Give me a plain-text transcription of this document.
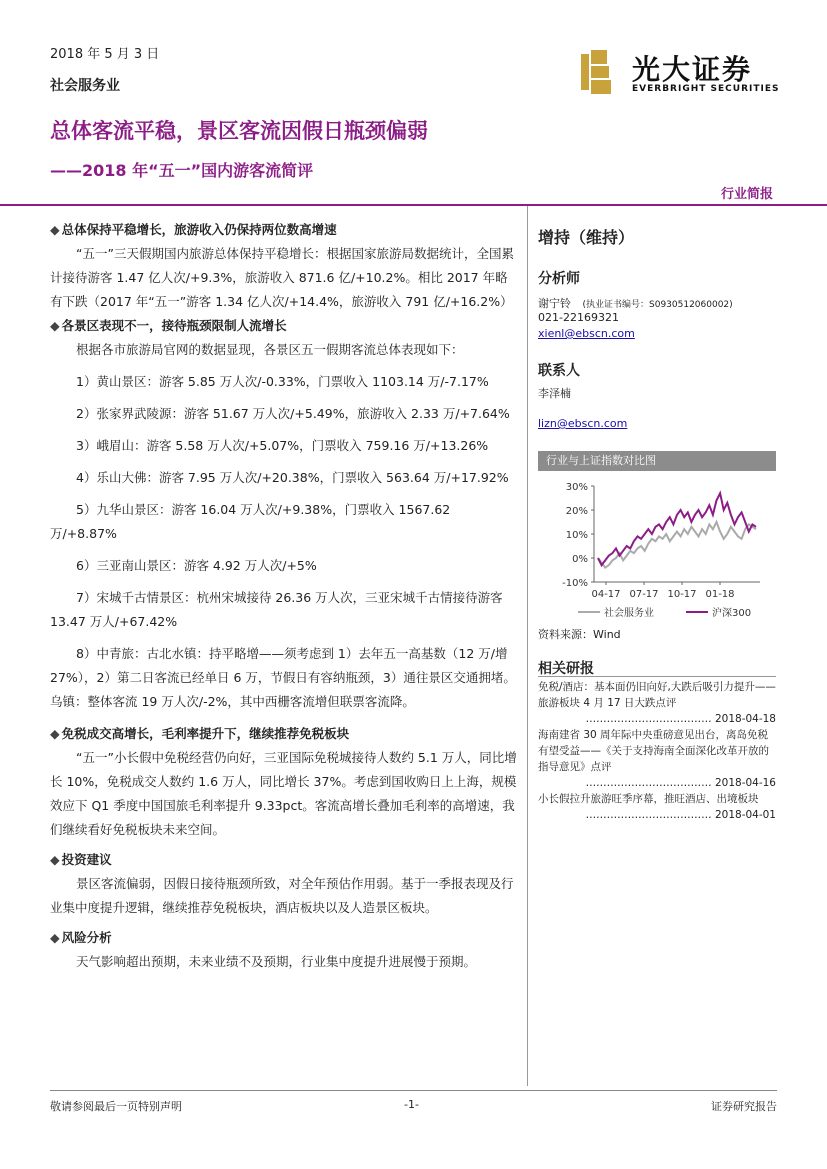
2018 年 5 月 3 日
社会服务业	光大证券
EVERBRIGHT SECURITIES
总体客流平稳，景区客流因假日瓶颈偏弱
——2018 年“五一”国内游客流简评
行业简报

◆ 总体保持平稳增长，旅游收入仍保持两位数高增速

“五一”三天假期国内旅游总体保持平稳增长：根据国家旅游局数据统计，全国累计接待游客 1.47 亿人次/+9.3%，旅游收入 871.6 亿/+10.2%。相比 2017 年略有下跌（2017 年“五一”游客 1.34 亿人次/+14.4%，旅游收入 791 亿/+16.2%）

◆ 各景区表现不一，接待瓶颈限制人流增长

根据各市旅游局官网的数据显现，各景区五一假期客流总体表现如下：

1）黄山景区：游客 5.85 万人次/-0.33%，门票收入 1103.14 万/-7.17%

2）张家界武陵源：游客 51.67 万人次/+5.49%，旅游收入 2.33 万/+7.64%

3）峨眉山：游客 5.58 万人次/+5.07%，门票收入 759.16 万/+13.26%

4）乐山大佛：游客 7.95 万人次/+20.38%，门票收入 563.64 万/+17.92%

5）九华山景区：游客 16.04 万人次/+9.38%，门票收入 1567.62 万/+8.87%

6）三亚南山景区：游客 4.92 万人次/+5%

7）宋城千古情景区：杭州宋城接待 26.36 万人次，三亚宋城千古情接待游客 13.47 万人/+67.42%

8）中青旅：古北水镇：持平略增——须考虑到 1）去年五一高基数（12 万/增 27%），2）第二日客流已经单日 6 万，节假日有容纳瓶颈，3）通往景区交通拥堵。乌镇：整体客流 19 万人次/-2%，其中西栅客流增但联票客流降。

◆ 免税成交高增长，毛利率提升下，继续推荐免税板块

“五一”小长假中免税经营仍向好，三亚国际免税城接待人数约 5.1 万人，同比增长 10%，免税成交人数约 1.6 万人，同比增长 37%。考虑到国收购日上上海，规模效应下 Q1 季度中国国旅毛利率提升 9.33pct。客流高增长叠加毛利率的高增速，我们继续看好免税板块未来空间。

◆ 投资建议

景区客流偏弱，因假日接待瓶颈所致，对全年预估作用弱。基于一季报表现及行业集中度提升逻辑，继续推荐免税板块，酒店板块以及人造景区板块。

◆ 风险分析

天气影响超出预期，未来业绩不及预期，行业集中度提升进展慢于预期。

增持（维持）
分析师
谢宁铃 (执业证书编号：S0930512060002)
021-22169321
xienl@ebscn.com
联系人
李泽楠
lizn@ebscn.com
行业与上证指数对比图
30%
20%
10%
0%
-10%
04-17 07-17 10-17 01-18
社会服务业	沪深300
资料来源：Wind
相关研报
免税/酒店：基本面仍旧向好,大跌后吸引力提升——旅游板块 4 月 17 日大跌点评
……………………………… 2018-04-18
海南建省 30 周年际中央重磅意见出台，离岛免税有望受益——《关于支持海南全面深化改革开放的指导意见》点评
……………………………… 2018-04-16
小长假拉升旅游旺季序幕，推旺酒店、出境板块
……………………………… 2018-04-01
敬请参阅最后一页特别声明	-1-	证券研究报告
